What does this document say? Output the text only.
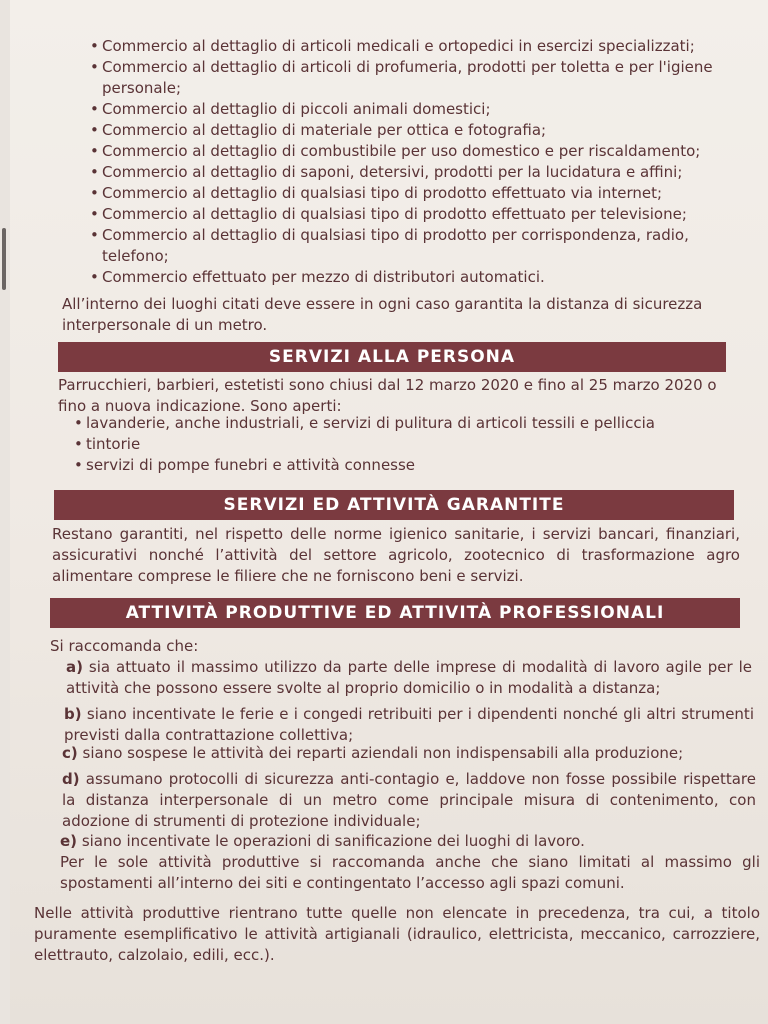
• Commercio al dettaglio di articoli medicali e ortopedici in esercizi specializzati;
• Commercio al dettaglio di articoli di profumeria, prodotti per toletta e per l'igiene personale;
• Commercio al dettaglio di piccoli animali domestici;
• Commercio al dettaglio di materiale per ottica e fotografia;
• Commercio al dettaglio di combustibile per uso domestico e per riscaldamento;
• Commercio al dettaglio di saponi, detersivi, prodotti per la lucidatura e affini;
• Commercio al dettaglio di qualsiasi tipo di prodotto effettuato via internet;
• Commercio al dettaglio di qualsiasi tipo di prodotto effettuato per televisione;
• Commercio al dettaglio di qualsiasi tipo di prodotto per corrispondenza, radio, telefono;
• Commercio effettuato per mezzo di distributori automatici.

All’interno dei luoghi citati deve essere in ogni caso garantita la distanza di sicurezza interpersonale di un metro.

SERVIZI ALLA PERSONA

Parrucchieri, barbieri, estetisti sono chiusi dal 12 marzo 2020 e fino al 25 marzo 2020 o fino a nuova indicazione. Sono aperti:

• lavanderie, anche industriali, e servizi di pulitura di articoli tessili e pelliccia
• tintorie
• servizi di pompe funebri e attività connesse
SERVIZI ED ATTIVITÀ GARANTITE

Restano garantiti, nel rispetto delle norme igienico sanitarie, i servizi bancari, finanziari, assicurativi nonché l’attività del settore agricolo, zootecnico di trasformazione agro alimentare comprese le filiere che ne forniscono beni e servizi.

ATTIVITÀ PRODUTTIVE ED ATTIVITÀ PROFESSIONALI

Si raccomanda che:

a) sia attuato il massimo utilizzo da parte delle imprese di modalità di lavoro agile per le attività che possono essere svolte al proprio domicilio o in modalità a distanza;
b) siano incentivate le ferie e i congedi retribuiti per i dipendenti nonché gli altri strumenti previsti dalla contrattazione collettiva;
c) siano sospese le attività dei reparti aziendali non indispensabili alla produzione;
d) assumano protocolli di sicurezza anti-contagio e, laddove non fosse possibile rispettare la distanza interpersonale di un metro come principale misura di contenimento, con adozione di strumenti di protezione individuale;
e) siano incentivate le operazioni di sanificazione dei luoghi di lavoro.

Per le sole attività produttive si raccomanda anche che siano limitati al massimo gli spostamenti all’interno dei siti e contingentato l’accesso agli spazi comuni.

Nelle attività produttive rientrano tutte quelle non elencate in precedenza, tra cui, a titolo puramente esemplificativo le attività artigianali (idraulico, elettricista, meccanico, carrozziere, elettrauto, calzolaio, edili, ecc.).
